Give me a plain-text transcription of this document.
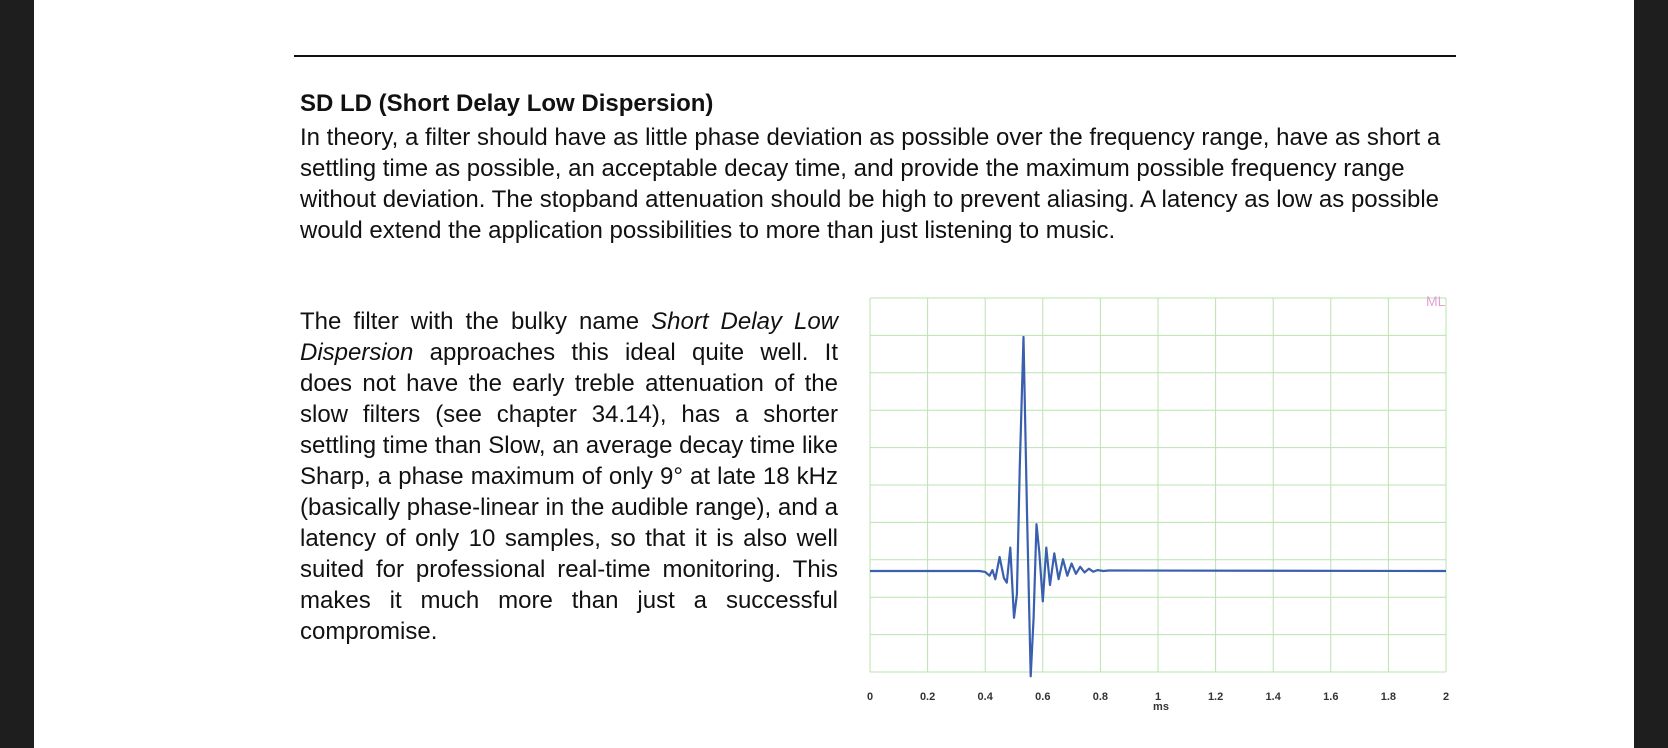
SD LD (Short Delay Low Dispersion)

In theory, a filter should have as little phase deviation as possible over the frequency range, have as short a settling time as possible, an acceptable decay time, and provide the maximum possible frequency range without deviation. The stopband attenuation should be high to prevent aliasing. A latency as low as possible would extend the application possibilities to more than just listening to music.

The filter with the bulky name Short Delay Low Dispersion approaches this ideal quite well. It does not have the early treble attenuation of the slow filters (see chapter 34.14), has a shorter settling time than Slow, an average decay time like Sharp, a phase maximum of only 9° at late 18 kHz (basically phase-linear in the audible range), and a latency of only 10 samples, so that it is also well suited for professional real-time monitoring. This makes it much more than just a successful compromise.

0	0.2	0.4	0.6	0.8	1	1.2	1.4	1.6	1.8	2
ML
ms
